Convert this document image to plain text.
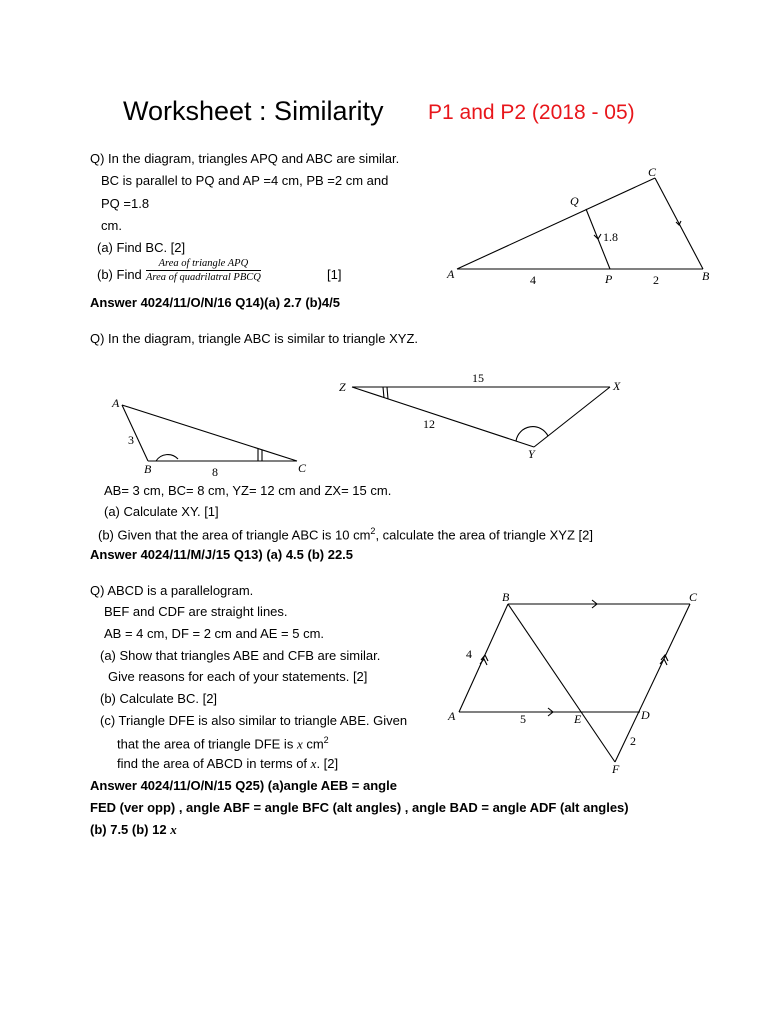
Worksheet : Similarity P1 and P2 (2018 - 05)
Q) In the diagram, triangles APQ and ABC are similar.
BC is parallel to PQ and AP =4 cm, PB =2 cm and
PQ =1.8
cm.
(a) Find BC. [2]
(b) Find
Area of triangle APQ
Area of quadrilatral PBCQ	[1]
Answer 4024/11/O/N/16 Q14)(a) 2.7 (b)4/5
A	B
C
P
Q
4	2
1.8
Q) In the diagram, triangle ABC is similar to triangle XYZ.
A
B	C
X
Y
Z
3
8
15
12
AB= 3 cm, BC= 8 cm, YZ= 12 cm and ZX= 15 cm.
(a) Calculate XY. [1]
(b) Given that the area of triangle ABC is 10 $cm^2$, calculate the area of triangle XYZ [2]
Answer 4024/11/M/J/15 Q13) (a) 4.5 (b) 22.5
Q) ABCD is a parallelogram.
BEF and CDF are straight lines.
AB = 4 cm, DF = 2 cm and AE = 5 cm.
(a) Show that triangles ABE and CFB are similar.
Give reasons for each of your statements. [2]
(b) Calculate BC. [2]
(c) Triangle DFE is also similar to triangle ABE. Given
that the area of triangle DFE is x $cm^2$
find the area of ABCD in terms of x. [2]
Answer 4024/11/O/N/15 Q25) (a)angle AEB = angle
FED (ver opp) , angle ABF = angle BFC (alt angles) , angle BAD = angle ADF (alt angles)
(b) 7.5 (b) 12 x
B	C
A	D
E
F
4
5
2
